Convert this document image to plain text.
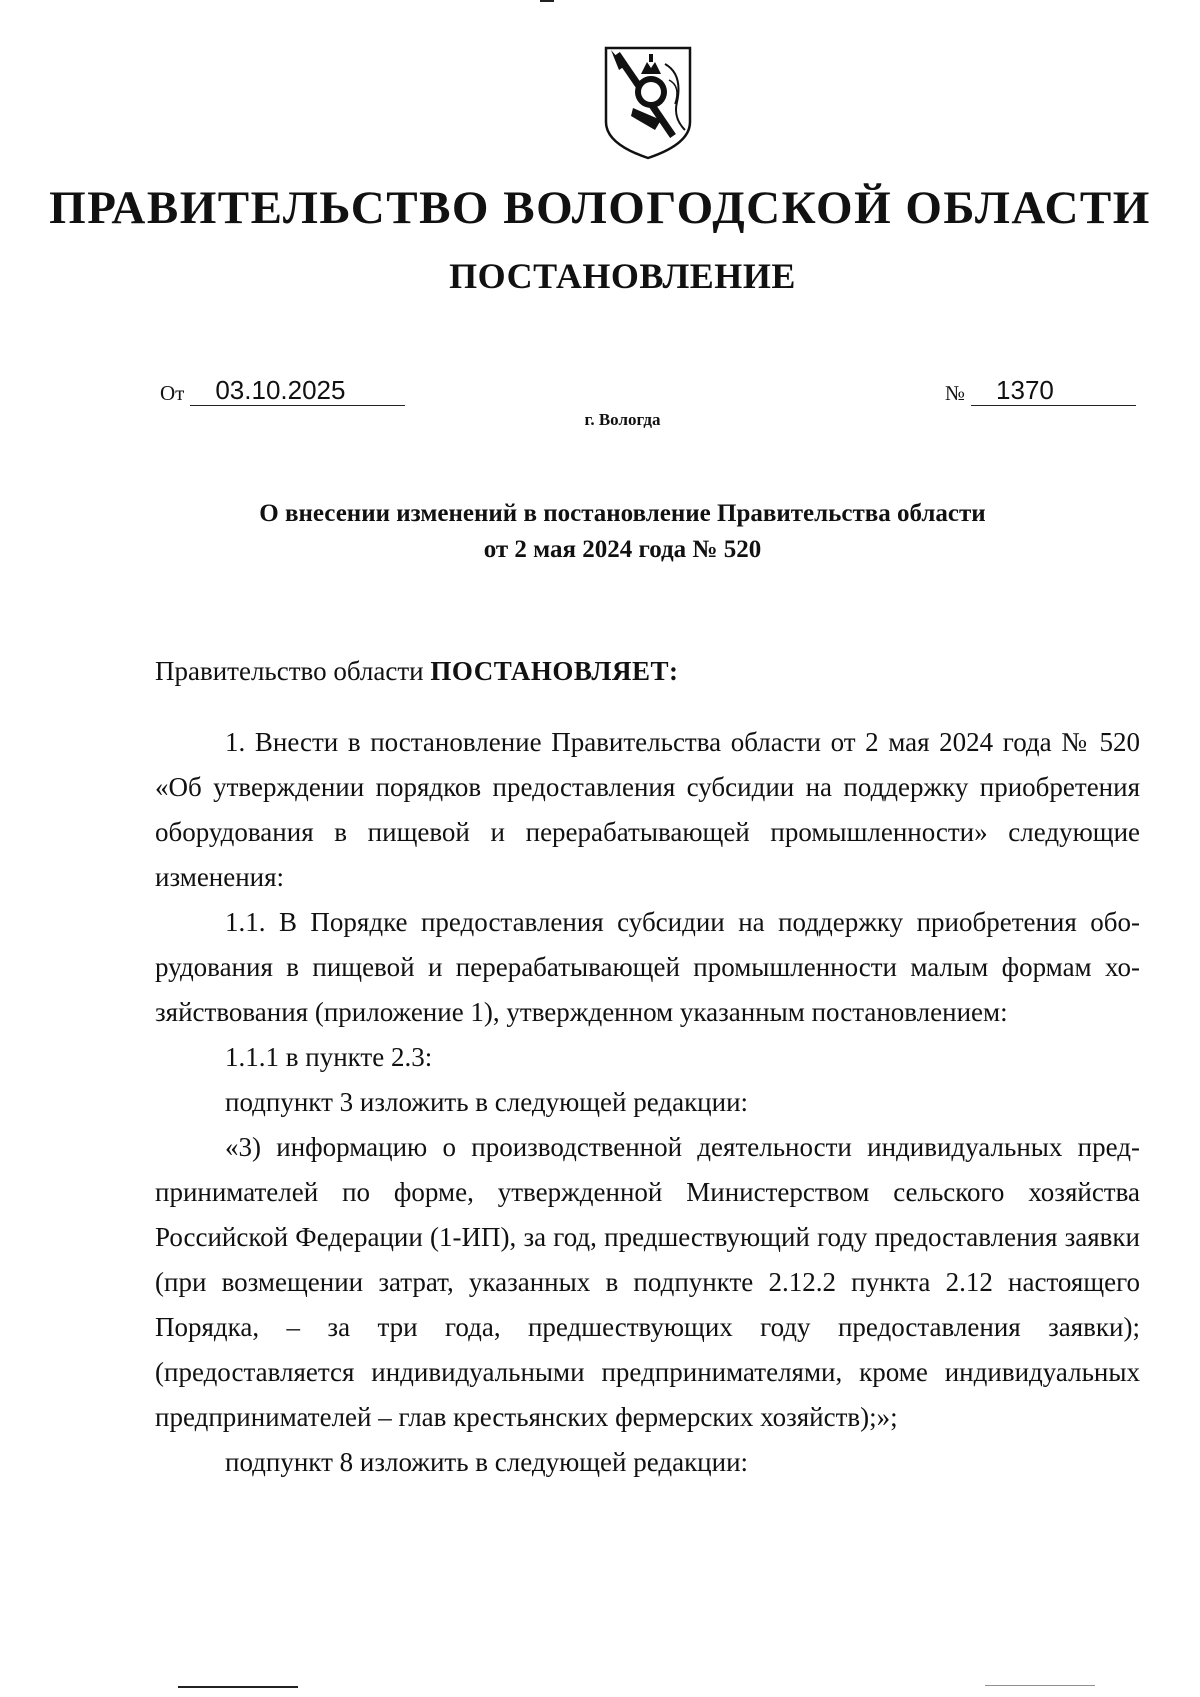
ПРАВИТЕЛЬСТВО ВОЛОГОДСКОЙ ОБЛАСТИ
ПОСТАНОВЛЕНИЕ
От 03.10.2025	№ 1370
г. Вологда
О внесении изменений в постановление Правительства области
от 2 мая 2024 года № 520
Правительство области ПОСТАНОВЛЯЕТ:

1. Внести в постановление Правительства области от 2 мая 2024 года № 520 «Об утверждении порядков предоставления субсидии на поддержку приобретения оборудования в пищевой и перерабатывающей промышленности» следующие изменения:

1.1. В Порядке предоставления субсидии на поддержку приобретения оборудования в пищевой и перерабатывающей промышленности малым формам хозяйствования (приложение 1), утвержденном указанным постановлением:

1.1.1 в пункте 2.3:

подпункт 3 изложить в следующей редакции:

«3) информацию о производственной деятельности индивидуальных предпринимателей по форме, утвержденной Министерством сельского хозяйства Российской Федерации (1-ИП), за год, предшествующий году предоставления заявки (при возмещении затрат, указанных в подпункте 2.12.2 пункта 2.12 настоящего Порядка, – за три года, предшествующих году предоставления заявки); (предоставляется индивидуальными предпринимателями, кроме индивидуальных предпринимателей – глав крестьянских фермерских хозяйств);»;

подпункт 8 изложить в следующей редакции:
